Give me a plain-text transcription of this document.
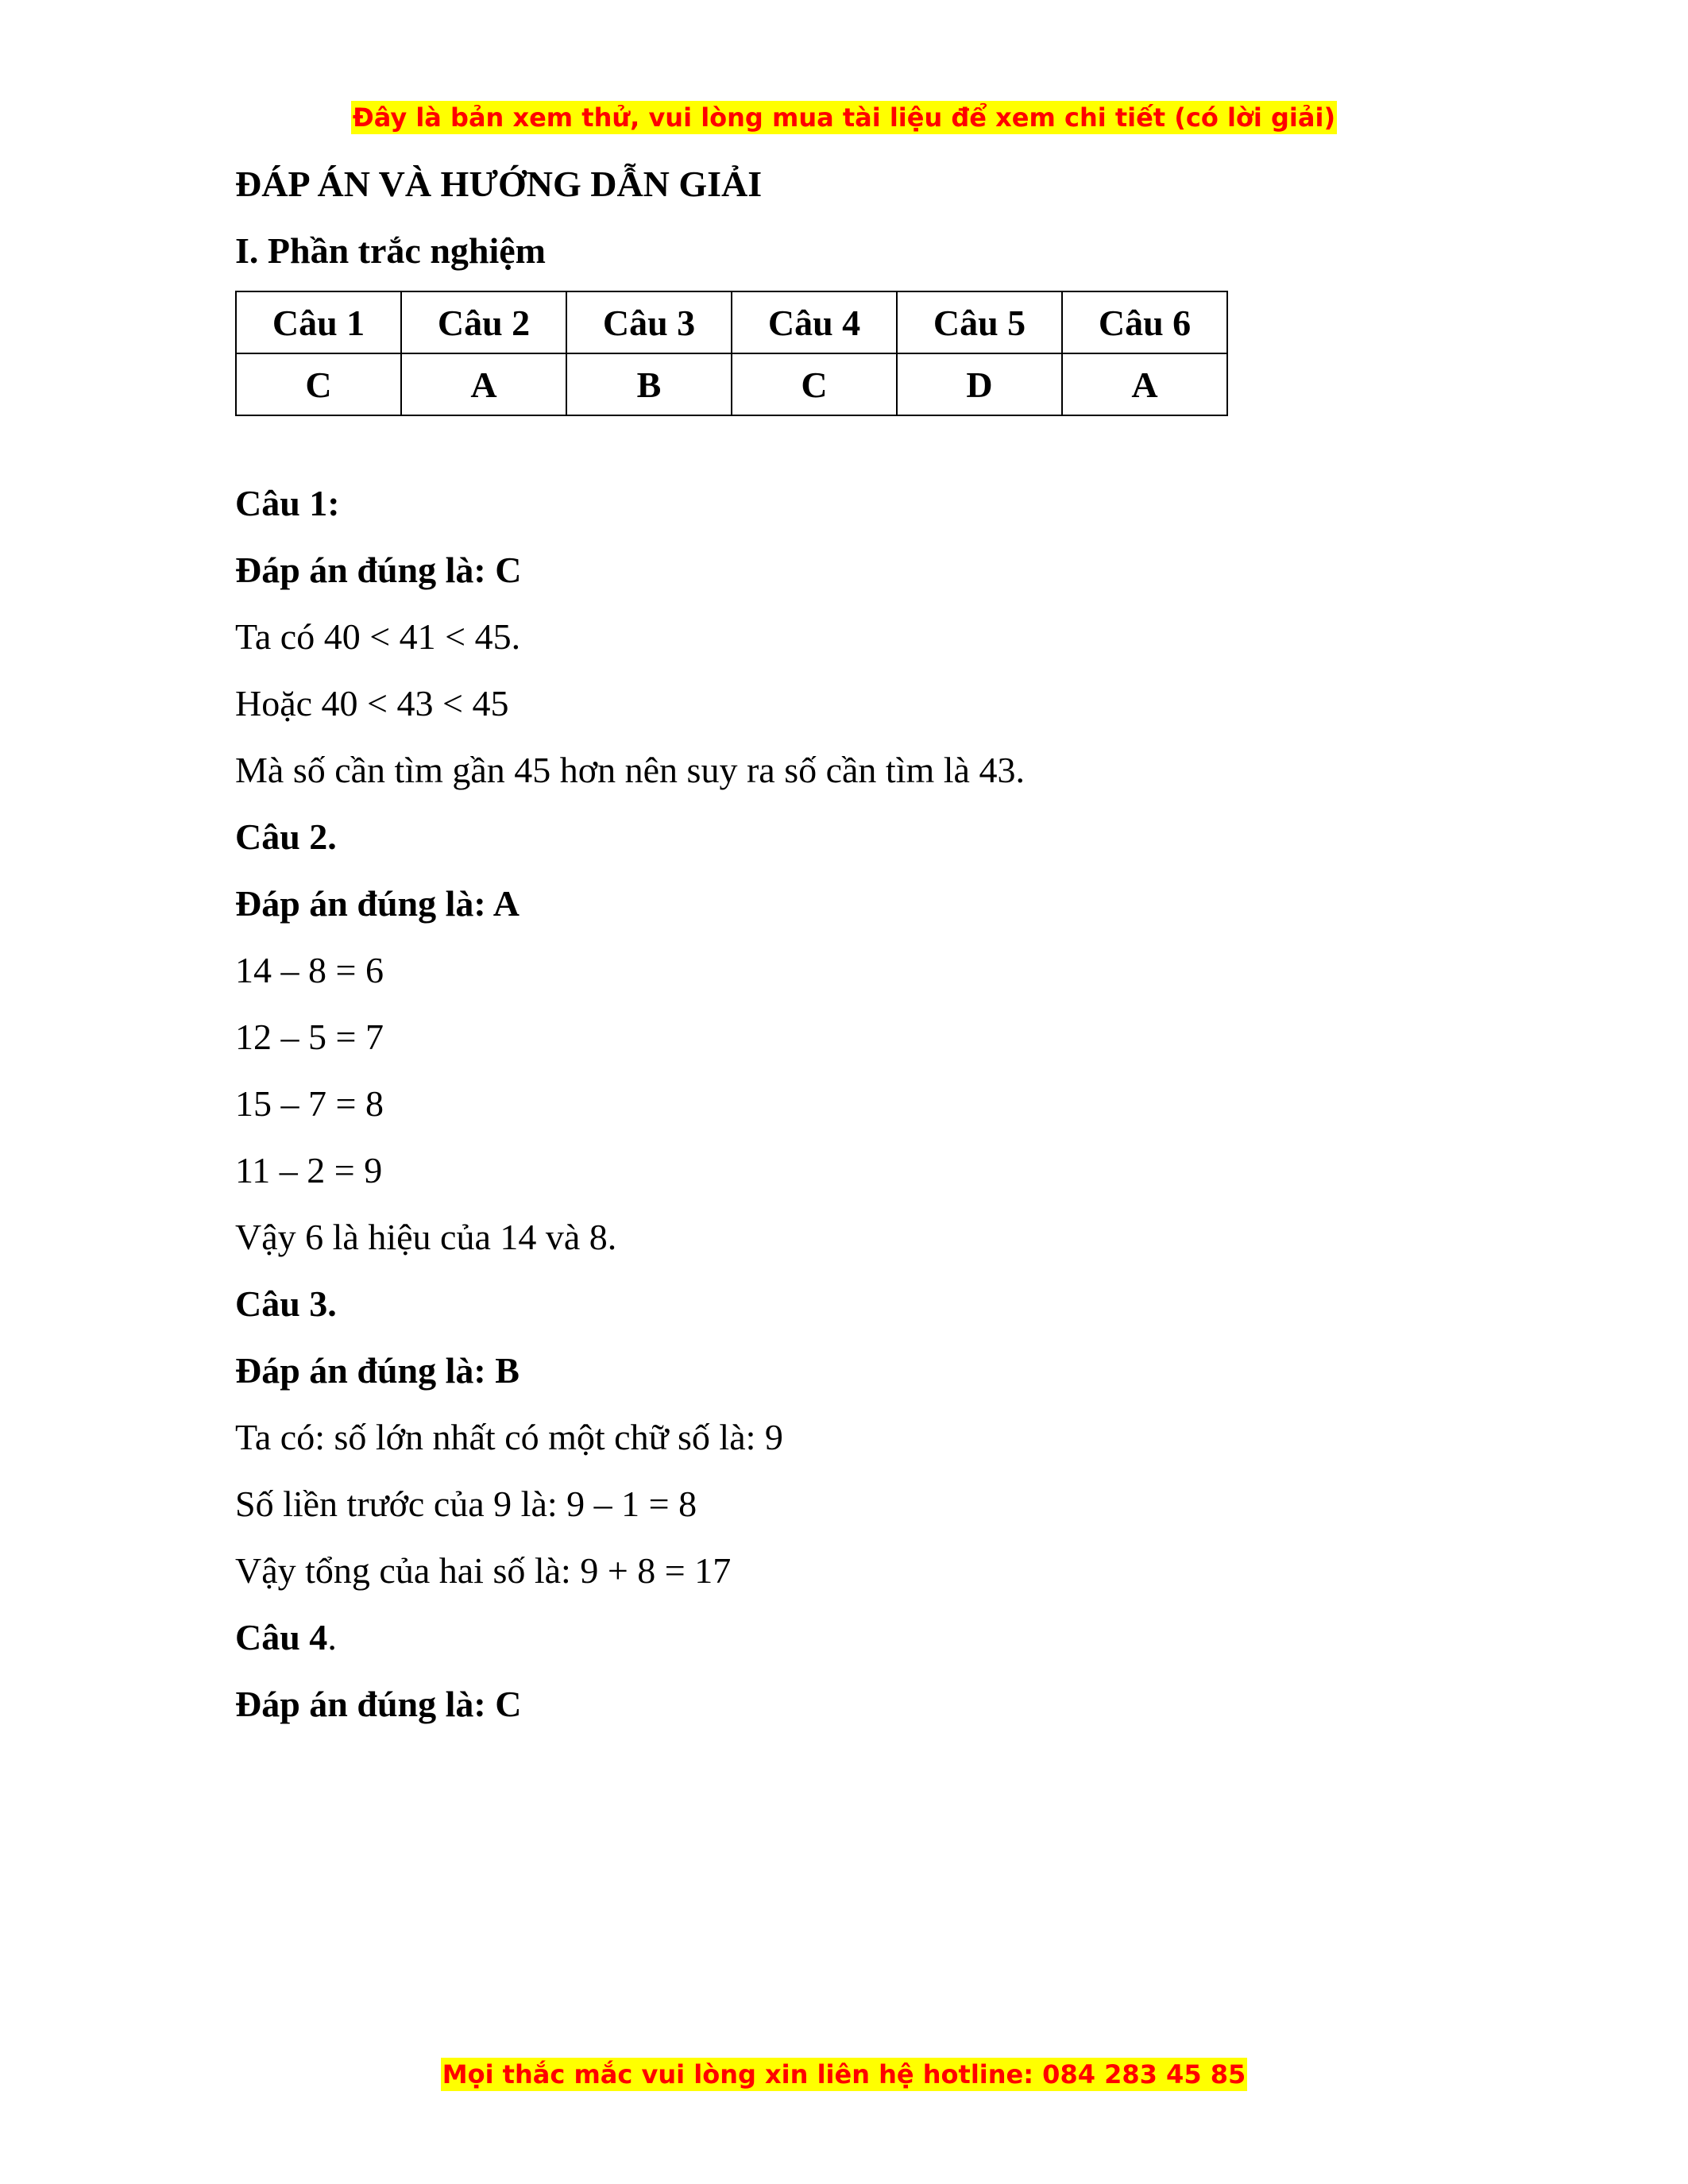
Đây là bản xem thử, vui lòng mua tài liệu để xem chi tiết (có lời giải)
ĐÁP ÁN VÀ HƯỚNG DẪN GIẢI
I. Phần trắc nghiệm
Câu 1	Câu 2	Câu 3	Câu 4	Câu 5	Câu 6
C	A	B	C	D	A
Câu 1:
Đáp án đúng là: C
Ta có 40 < 41 < 45.
Hoặc 40 < 43 < 45
Mà số cần tìm gần 45 hơn nên suy ra số cần tìm là 43.
Câu 2.
Đáp án đúng là: A
14 – 8 = 6
12 – 5 = 7
15 – 7 = 8
11 – 2 = 9
Vậy 6 là hiệu của 14 và 8.
Câu 3.
Đáp án đúng là: B
Ta có: số lớn nhất có một chữ số là: 9
Số liền trước của 9 là: 9 – 1 = 8
Vậy tổng của hai số là: 9 + 8 = 17
Câu 4.
Đáp án đúng là: C
Mọi thắc mắc vui lòng xin liên hệ hotline: 084 283 45 85
